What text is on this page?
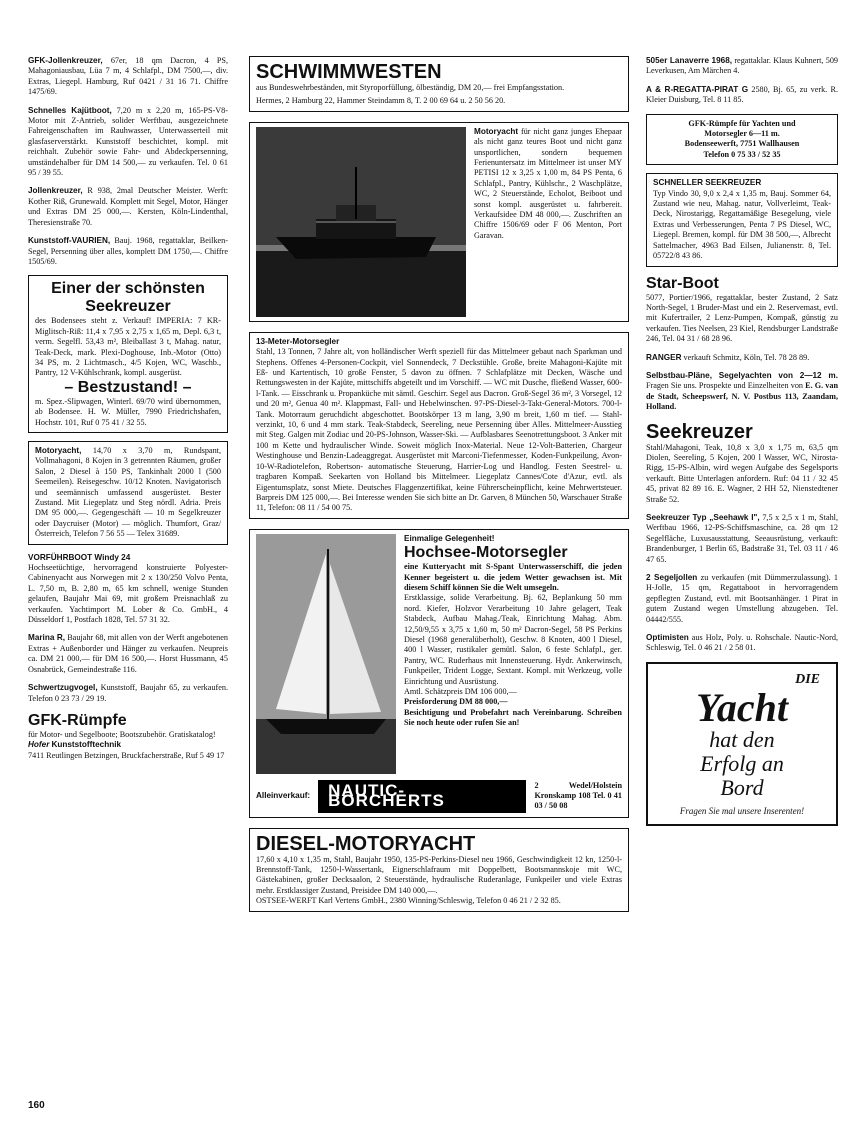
GFK-Jollenkreuzer, 67er, 18 qm Dacron, 4 PS, Mahagoniausbau, Lüa 7 m, 4 Schlafpl., DM 7500,—, div. Extras, Liegepl. Hamburg, Ruf 0421 / 31 16 71. Chiffre 1475/69.
Schnelles Kajütboot, 7,20 m x 2,20 m, 165-PS-V8-Motor mit Z-Antrieb, solider Werftbau, ausgezeichnete Fahreigenschaften im Rauhwasser, Unterwasserteil mit glasfaserverstärkt. Kunststoff beschichtet, kompl. mit reichhalt. Zubehör sowie Fahr- und Abdeckpersenning, umständehalber für DM 14 500,— zu verkaufen. Tel. 0 61 95 / 39 55.
Jollenkreuzer, R 938, 2mal Deutscher Meister. Werft: Kother Riß, Grunewald. Komplett mit Segel, Motor, Hänger und Extras DM 25 000,—. Kersten, Köln-Lindenthal, Theresienstraße 70.
Kunststoff-VAURIEN, Bauj. 1968, regattaklar, Beilken-Segel, Persenning über alles, komplett DM 1750,—. Chiffre 1505/69.
Einer der schönsten
Seekreuzer
des Bodensees steht z. Verkauf! IMPERIA: 7 KR-Miglitsch-Riß: 11,4 x 7,95 x 2,75 x 1,65 m, Depl. 6,3 t, verm. Segelfl. 53,43 m², Bleiballast 3 t, Mahag. natur, Teak-Deck, mark. Plexi-Doghouse, Inb.-Motor (Otto) 34 PS, m. 2 Lichtmasch., 4/5 Kojen, WC, Waschb., Pantry, 12 V-Kühlschrank, kompl. ausgerüst.
– Bestzustand! –
m. Spez.-Slipwagen, Winterl. 69/70 wird übernommen, ab Bodensee. H. W. Müller, 7990 Friedrichshafen, Hochstr. 101, Ruf 0 75 41 / 32 55.
Motoryacht, 14,70 x 3,70 m, Rundspant, Vollmahagoni, 8 Kojen in 3 getrennten Räumen, großer Salon, 2 Diesel à 150 PS, Tankinhalt 2000 l (500 Seemeilen). Reisegeschw. 10/12 Knoten. Navigatorisch und seemännisch umfassend ausgerüstet. Bester Zustand. Mit Liegeplatz und Steg nördl. Adria. Preis DM 95 000,—. Gegengeschäft — 10 m Segelkreuzer oder Daycruiser (Motor) — möglich. Thumfort, Graz/Österreich, Telefon 7 56 55 — Telex 31689.
VORFÜHRBOOT Windy 24
Hochseetüchtige, hervorragend konstruierte Polyester-Cabinenyacht aus Norwegen mit 2 x 130/250 Volvo Penta, L. 7,50 m, B. 2,80 m, 65 km schnell, wenige Stunden gelaufen, Baujahr Mai 69, mit großem Preisnachlaß zu verkaufen. Yachtimport M. Lober & Co. GmbH., 4 Düsseldorf 1, Postfach 1828, Tel. 57 31 32.
Marina R, Baujahr 68, mit allen von der Werft angebotenen Extras + Außenborder und Hänger zu verkaufen. Neupreis ca. DM 21 000,— für DM 16 500,—. Horst Hussmann, 45 Osnabrück, Gemeindestraße 116.
Schwertzugvogel, Kunststoff, Baujahr 65, zu verkaufen. Telefon 0 23 73 / 29 19.
GFK-Rümpfe
für Motor- und Segelboote; Bootszubehör. Gratiskatalog!
Hofer Kunststofftechnik
7411 Reutlingen Betzingen, Bruckfacherstraße, Ruf 5 49 17
160
SCHWIMMWESTEN
aus Bundeswehrbeständen, mit Styroporfüllung, ölbeständig, DM 20,— frei Empfangsstation.
Hermes, 2 Hamburg 22, Hammer Steindamm 8, T. 2 00 69 64 u. 2 50 56 20.
Motoryacht für nicht ganz junges Ehepaar als nicht ganz teures Boot und nicht ganz unsportlichen, sondern bequemen Ferienuntersatz im Mittelmeer ist unser MY PETISI 12 x 3,25 x 1,00 m, 84 PS Penta, 6 Schlafpl., Pantry, Kühlschr., 2 Waschplätze, WC, 2 Steuerstände, Echolot, Beiboot und sonst kompl. ausgerüstet u. fahrbereit. Verkaufsidee DM 48 000,—. Zuschriften an Chiffre 1506/69 oder F 06 Menton, Port Garavan.
13-Meter-Motorsegler
Stahl, 13 Tonnen, 7 Jahre alt, von holländischer Werft speziell für das Mittelmeer gebaut nach Sparkman und Stephens. Offenes 4-Personen-Cockpit, viel Sonnendeck, 7 Deckstühle. Große, breite Mahagoni-Kajüte mit Eß- und Kartentisch, 10 große Fenster, 5 davon zu öffnen. 7 Schlafplätze mit Decken, Wäsche und Rettungswesten in der Kajüte, mittschiffs abgeteilt und im Vorschiff. — WC mit Dusche, fließend Wasser, 600-l-Tank. — Eisschrank u. Propanküche mit sämtl. Geschirr. Segel aus Dacron. Groß-Segel 36 m², 3 Vorsegel, 12 und 20 m², Genua 40 m². Klappmast, Fall- und Hebelwinschen. 97-PS-Diesel-3-Takt-General-Motors. 700-l-Tank. Motorraum geruchdicht abgeschottet. Bootskörper 13 m lang, 3,90 m breit, 1,60 m tief. — Stahl-verzinkt, 10, 6 und 4 mm stark. Teak-Stabdeck, Seereling, neue Persenning über Alles. Mittelmeer-Ausstieg mit Steg. Galgen mit Zodiac und 20-PS-Johnson, Wasser-Ski. — Aufblasbares Seenotrettungsboot. 3 Anker mit 100 m Kette und hydraulischer Winde. Soweit möglich Inox-Material. Neue 12-Volt-Batterien, Chargeur Westinghouse und Benzin-Ladeaggregat. Ausgerüstet mit Marconi-Tiefenmesser, Koden-Funkpeilung, Avon-10-W-Radiotelefon, Robertson- automatische Steuerung, Harrier-Log und Handlog. Festen Seestrel- u. tragbaren Kompaß. Seekarten von Holland bis Mittelmeer. Liegeplatz Cannes/Cote d'Azur, evtl. als Eigentumsplatz, sonst Miete. Deutsches Flaggenzertifikat, keine Führerscheinpflicht, keine Mehrwertsteuer. Barpreis DM 125 000,—. Bei Interesse wenden Sie sich bitte an Dr. Garven, 8 München 50, Warschauer Straße 11, Telefon: 08 11 / 54 00 75.
Einmalige Gelegenheit!
Hochsee-Motorsegler
eine Kutteryacht mit S-Spant Unterwasserschiff, die jeden Kenner begeistert u. die jedem Wetter gewachsen ist. Mit diesem Schiff können Sie die Welt umsegeln.
Erstklassige, solide Verarbeitung. Bj. 62, Beplankung 50 mm nord. Kiefer, Holzvor Verarbeitung 10 Jahre gelagert, Teak Stabdeck, Aufbau Mahag./Teak, Einrichtung Mahag. Abm. 12,50/9,55 x 3,75 x 1,60 m, 50 m² Dacron-Segel, 58 PS Perkins Diesel (1968 generalüberholt), Geschw. 8 Knoten, 400 l Diesel, 400 l Wasser, rustikaler gemütl. Salon, 6 feste Schlafpl., ger. Pantry, WC. Ruderhaus mit Innensteuerung. Hydr. Ankerwinsch, Funkpeiler, Trident Logge, Sextant. Kompl. mit Werkzeug, volle Einrichtung und Ausrüstung.
Amtl. Schätzpreis DM 106 000,—
Preisforderung DM 88 000,—
Besichtigung und Probefahrt nach Vereinbarung. Schreiben Sie noch heute oder rufen Sie an!
Alleinverkauf:	NAUTIC-BÖRCHERTS
2 Wedel/Holstein Kronskamp 108 Tel. 0 41 03 / 50 08
DIESEL-MOTORYACHT
17,60 x 4,10 x 1,35 m, Stahl, Baujahr 1950, 135-PS-Perkins-Diesel neu 1966, Geschwindigkeit 12 kn, 1250-l-Brennstoff-Tank, 1250-l-Wassertank, Eignerschlafraum mit Doppelbett, Bootsmannskoje mit WC, Gästekabinen, großer Decksaalon, 2 Steuerstände, hydraulische Ruderanlage, Funkpeiler und viele Extras mehr. Erstklassiger Zustand, Preisidee DM 140 000,—.
OSTSEE-WERFT Karl Vertens GmbH., 2380 Winning/Schleswig, Telefon 0 46 21 / 2 32 85.
505er Lanaverre 1968, regattaklar. Klaus Kuhnert, 509 Leverkusen, Am Märchen 4.
A & R-REGATTA-PIRAT G 2580, Bj. 65, zu verk. R. Kleier Duisburg, Tel. 8 11 85.
GFK-Rümpfe für Yachten und
Motorsegler 6—11 m.
Bodenseewerft, 7751 Wallhausen
Telefon 0 75 33 / 52 35
SCHNELLER SEEKREUZER
Typ Vindo 30, 9,0 x 2,4 x 1,35 m, Bauj. Sommer 64, Zustand wie neu, Mahag. natur, Vollverleimt, Teak-Deck, Nirostarigg, Regattamäßige Besegelung, viele Extras und Verbesserungen, Penta 7 PS Diesel, WC, Liegepl. Bremen, kompl. für DM 38 500,—, Albrecht Sattelmacher, 4963 Bad Eilsen, Julianenstr. 8, Tel. 05722/8 43 86.
Star-Boot
5077, Portier/1966, regattaklar, bester Zustand, 2 Satz North-Segel, 1 Bruder-Mast und ein 2. Reservemast, evtl. mit Kufertrailer, 2 Lenz-Pumpen, Kompaß, günstig zu verkaufen. Ties Neelsen, 23 Kiel, Rendsburger Landstraße 246, Tel. 04 31 / 68 28 96.
RANGER verkauft Schmitz, Köln, Tel. 78 28 89.
Selbstbau-Pläne, Segelyachten von 2—12 m. Fragen Sie uns. Prospekte und Einzelheiten von E. G. van de Stadt, Scheepswerf, N. V. Postbus 113, Zaandam, Holland.
Seekreuzer
Stahl/Mahagoni, Teak, 10,8 x 3,0 x 1,75 m, 63,5 qm Diolen, Seereling, 5 Kojen, 200 l Wasser, WC, Nirosta-Rigg, 15-PS-Albin, wird wegen Aufgabe des Segelsports verkauft. Bitte Unterlagen anfordern. Ruf: 04 11 / 32 45 45, privat 82 89 16. E. Wagner, 2 HH 52, Nienstedtener Straße 52.
Seekreuzer Typ „Seehawk I", 7,5 x 2,5 x 1 m, Stahl, Werftbau 1966, 12-PS-Schiffsmaschine, ca. 28 qm 12 Segelfläche, Luxusausstattung, Seeausrüstung, verkauft: Brandenburger, 1 Berlin 65, Badstraße 31, Tel. 03 11 / 46 47 65.
2 Segeljollen zu verkaufen (mit Dümmerzulassung). 1 H-Jolle, 15 qm, Regattaboot in hervorragendem gepflegten Zustand, evtl. mit Bootsanhänger. 1 Pirat in gutem Zustand wegen Umstellung abzugeben. Tel. 04442/555.
Optimisten aus Holz, Poly. u. Rohschale. Nautic-Nord, Schleswig, Tel. 0 46 21 / 2 58 01.
DIE
Yacht
hat den
Erfolg an
Bord
Fragen Sie mal unsere Inserenten!
